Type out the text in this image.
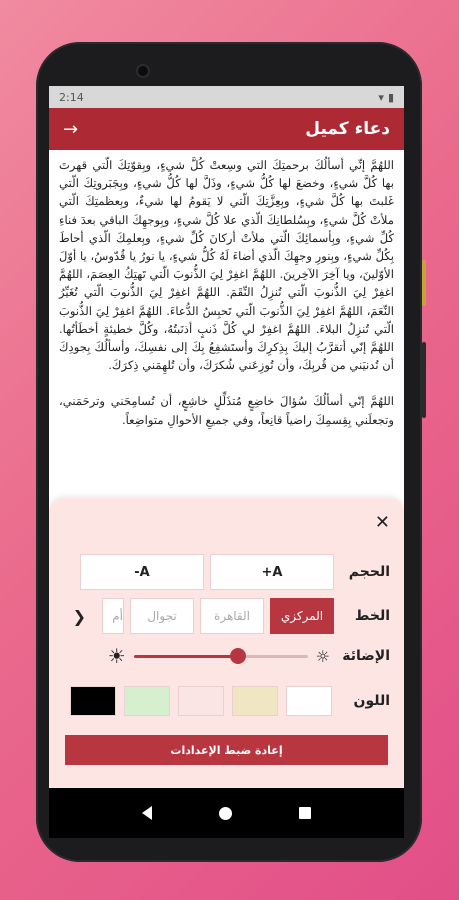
2:14	▾ ▮
دعاء كميل
→

اللهُمَّ إنِّي أسألُكَ برحمتِكَ التي وسِعتْ كُلَّ شيءٍ، وبِقوّتِكَ الّتي قهرتَ بها كُلَّ شيءٍ، وخضعَ لها كُلُّ شيءٍ، وذَلَّ لها كُلُّ شيءٍ، وبِجَبَروتِكَ الّتي غَلبتَ بها كُلَّ شيءٍ، وبِعِزَّتِكَ الّتي لا يَقومُ لها شيءٌ، وبِعظمتِكَ الّتي ملأتْ كُلَّ شيءٍ، وبِسُلطانِكَ الّذي علا كُلَّ شيءٍ، وبِوجهِكَ الباقي بعدَ فناءِ كُلِّ شيءٍ، وبِأسمائِكَ الّتي ملأتْ أركانَ كُلِّ شيءٍ، وبِعلمِكَ الّذي أحاطَ بِكُلِّ شيءٍ، وبِنورِ وجهِكَ الّذي أضاءَ لَهُ كُلُّ شيءٍ، يا نورُ يا قُدّوسُ، يا أوّلَ الأوّلينَ، ويا آخِرَ الآخِرينَ. اللهُمَّ اغفِرْ لِيَ الذُّنوبَ الّتي تَهتِكُ العِصَمَ، اللهُمَّ اغفِرْ لِيَ الذُّنوبَ الّتي تُنزِلُ النِّقَمَ. اللهُمَّ اغفِرْ لِيَ الذُّنوبَ الّتي تُغَيِّرُ النِّعَمَ، اللهُمَّ اغفِرْ لِيَ الذُّنوبَ الّتي تَحبِسُ الدُّعاءَ. اللهُمَّ اغفِرْ لِيَ الذُّنوبَ الّتي تُنزِلُ البلاءَ. اللهُمَّ اغفِرْ لي كُلَّ ذَنبٍ أذنَبتُهُ، وكُلَّ خطيئةٍ أخطَأتُها. اللهُمَّ إنّي أتقرَّبُ إليكَ بِذِكرِكَ وأستَشفِعُ بِكَ إلى نفسِكَ، وأسألُكَ بِجودِكَ أن تُدنيَني من قُربِكَ، وأن تُوزِعَني شُكرَكَ، وأن تُلهِمَني ذِكرَكَ.

اللهُمَّ إنّي أسألُكَ سُؤالَ خاضِعٍ مُتذَلِّلٍ خاشِعٍ، أن تُسامِحَني وترحَمَني، وتجعلَني بِقِسمِكَ راضياً قانِعاً، وفي جميعِ الأحوالِ متواضِعاً.

✕
الحجم
A+
A-
الخط
المركزي
القاهرة
تجوال
أم
❮
الإضائة
☀	☼
اللون
إعادة ضبط الإعدادات
